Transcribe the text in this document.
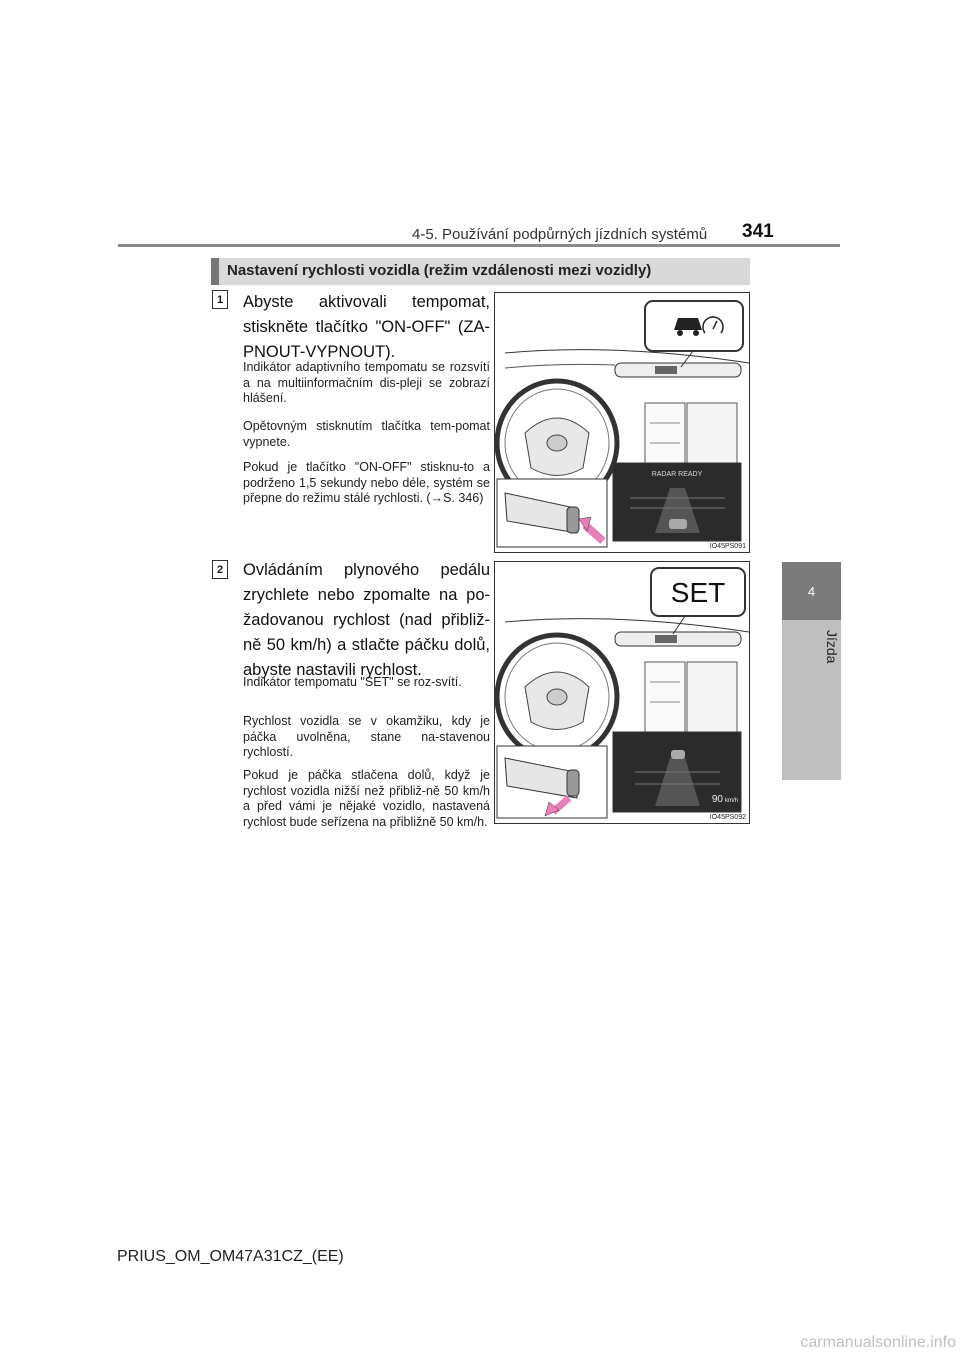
4-5. Používání podpůrných jízdních systémů 341
4
Jízda
Nastavení rychlosti vozidla (režim vzdálenosti mezi vozidly)
1 Abyste aktivovali tempomat, stiskněte tlačítko "ON-OFF" (ZA-PNOUT-VYPNOUT).
Indikátor adaptivního tempomatu se rozsvítí a na multiinformačním dis-pleji se zobrazí hlášení.
Opětovným stisknutím tlačítka tem-pomat vypnete.
Pokud je tlačítko "ON-OFF" stisknu-to a podrženo 1,5 sekundy nebo déle, systém se přepne do režimu stálé rychlosti. (→S. 346)
RADAR READY
IO45PS091
2 Ovládáním plynového pedálu zrychlete nebo zpomalte na po-žadovanou rychlost (nad přibliž-ně 50 km/h) a stlačte páčku dolů, abyste nastavili rychlost.
Indikátor tempomatu "SET" se roz-svítí.
Rychlost vozidla se v okamžiku, kdy je páčka uvolněna, stane na-stavenou rychlostí.
Pokud je páčka stlačena dolů, když je rychlost vozidla nižší než přibliž-ně 50 km/h a před vámi je nějaké vozidlo, nastavená rychlost bude seřízena na přibližně 50 km/h.
SET
90 km/h
IO45PS092
PRIUS_OM_OM47A31CZ_(EE)
carmanualsonline.info
